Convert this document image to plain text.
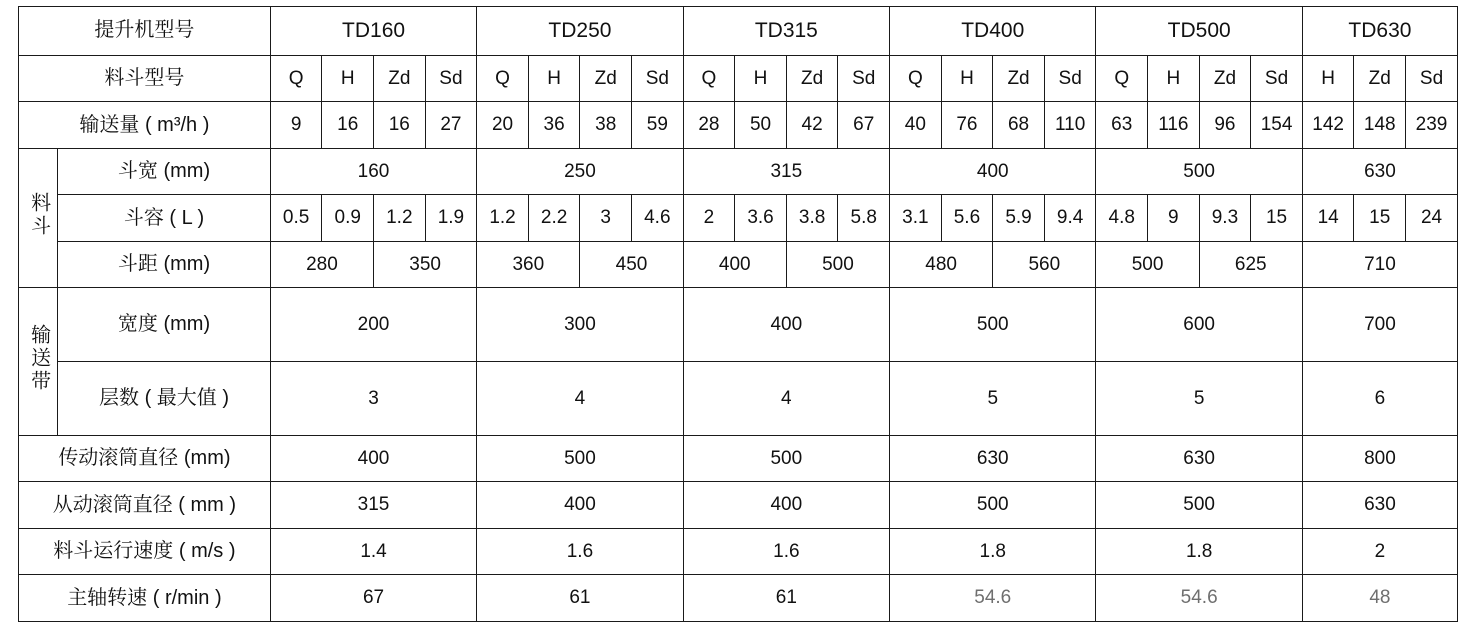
提升机型号		TD160				TD250				TD315				TD400				TD500				TD630		
料斗型号		Q	H	Zd	Sd	Q	H	Zd	Sd	Q	H	Zd	Sd	Q	H	Zd	Sd	Q	H	Zd	Sd	H	Zd	Sd
输送量 ( m³/h )		9	16	16	27	20	36	38	59	28	50	42	67	40	76	68	110	63	116	96	154	142	148	239
料斗	斗宽 (mm)	160				250				315				400				500				630		
	斗容 ( L )	0.5	0.9	1.2	1.9	1.2	2.2	3	4.6	2	3.6	3.8	5.8	3.1	5.6	5.9	9.4	4.8	9	9.3	15	14	15	24
	斗距 (mm)	280		350		360		450		400		500		480		560		500		625		710		
输送带	宽度 (mm)	200				300				400				500				600				700		
	层数 ( 最大值 )	3				4				4				5				5				6		
传动滚筒直径 (mm)		400				500				500				630				630				800		
从动滚筒直径 ( mm )		315				400				400				500				500				630		
料斗运行速度 ( m/s )		1.4				1.6				1.6				1.8				1.8				2		
主轴转速 ( r/min )		67				61				61				54.6				54.6				48		
